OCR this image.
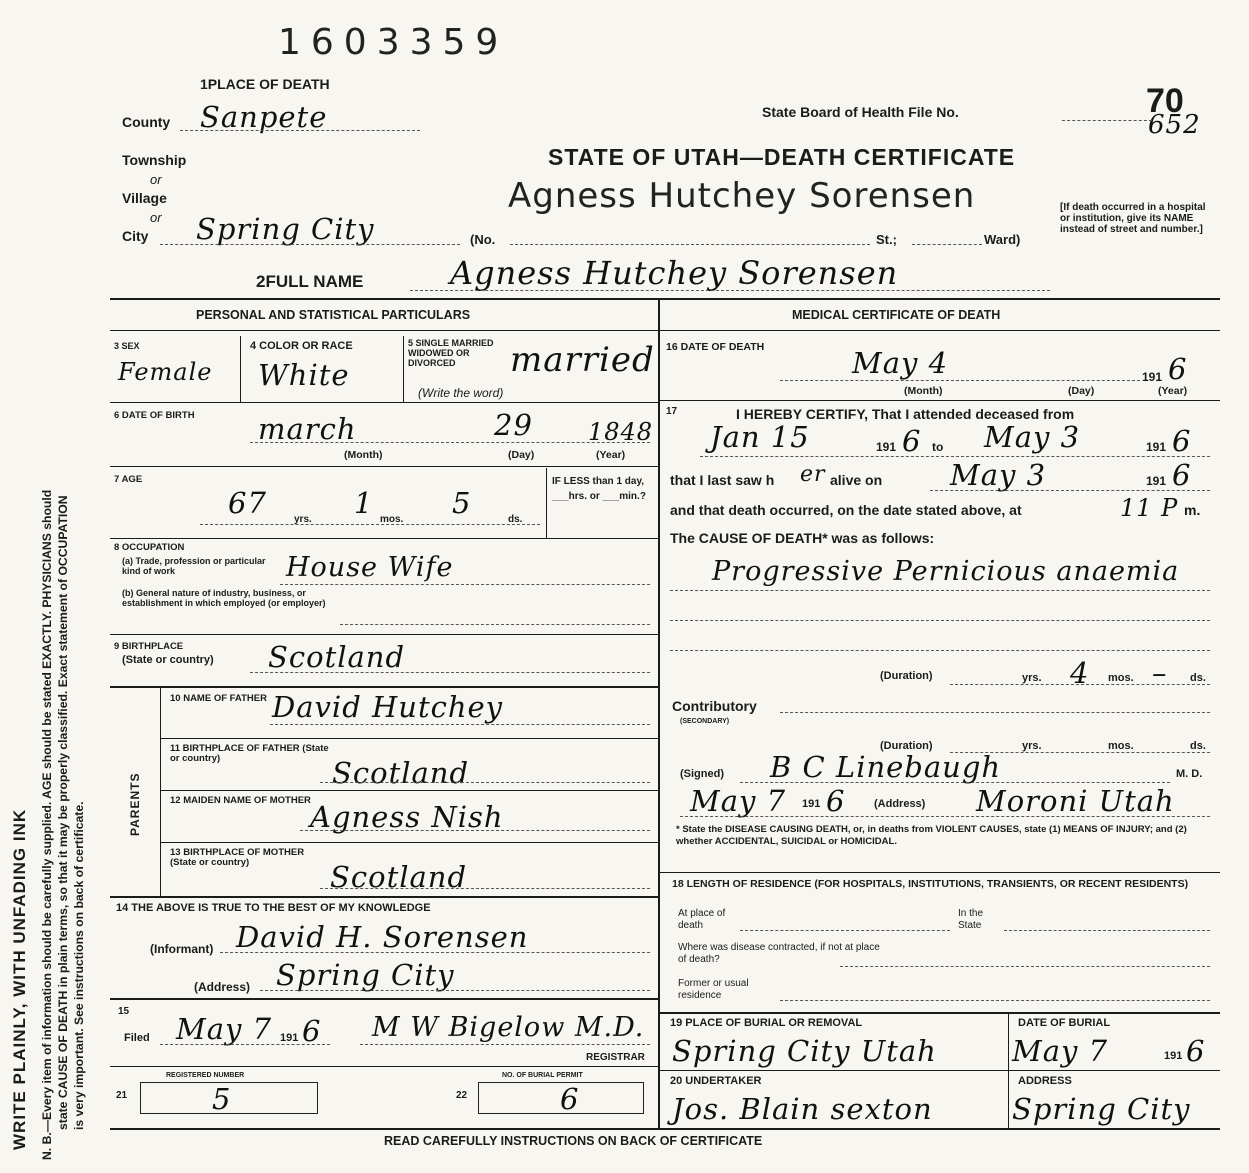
WRITE PLAINLY, WITH UNFADING INK N. B.—Every item of information should be carefully supplied. AGE should be stated EXACTLY. PHYSICIANS should state CAUSE OF DEATH in plain terms, so that it may be properly classified. Exact statement of OCCUPATION is very important. See instructions on back of certificate.
1603359
1PLACE OF DEATH
State Board of Health File No.	70
652
County Sanpete
Township
or
Village
or
City Spring City
STATE OF UTAH—DEATH CERTIFICATE
Agness Hutchey Sorensen
(No.	St.;	Ward)
[If death occurred in a hospital or institution, give its NAME instead of street and number.]
2FULL NAME	Agness Hutchey Sorensen
PERSONAL AND STATISTICAL PARTICULARS
3 SEX
Female
4 COLOR OR RACE
White
5 SINGLE MARRIED WIDOWED OR DIVORCED
(Write the word)
married
6 DATE OF BIRTH march	29 1848
(Month)	(Day)	(Year)
7 AGE
67	yrs. 1 mos. 5	ds.
IF LESS than 1 day, ___hrs. or ___min.?
8 OCCUPATION
(a) Trade, profession or particular kind of work	House Wife
(b) General nature of industry, business, or establishment in which employed (or employer)
9 BIRTHPLACE
(State or country) Scotland
PARENTS
10 NAME OF FATHER David Hutchey
11 BIRTHPLACE OF FATHER (State or country)	Scotland
12 MAIDEN NAME OF MOTHER Agness Nish
13 BIRTHPLACE OF MOTHER (State or country)	Scotland
14 THE ABOVE IS TRUE TO THE BEST OF MY KNOWLEDGE
(Informant) David H. Sorensen
(Address) Spring City
15
Filed May 7 191 6 M W Bigelow M.D.
REGISTRAR
REGISTERED NUMBER
21	5
NO. OF BURIAL PERMIT
22	6
MEDICAL CERTIFICATE OF DEATH
16 DATE OF DEATH	May 4	191 6
(Month)	(Day)	(Year)
17	I HEREBY CERTIFY, That I attended deceased from
Jan 15	191 6 to May 3	191 6
that I last saw h er alive on May 3	191 6
and that death occurred, on the date stated above, at	11 P m.
The CAUSE OF DEATH* was as follows:
Progressive Pernicious anaemia
(Duration)	yrs. 4 mos. – ds.
Contributory
(SECONDARY)
(Duration)	yrs.	mos.	ds.
(Signed) B C Linebaugh	M. D.
May 7 191 6	(Address) Moroni Utah
* State the DISEASE CAUSING DEATH, or, in deaths from VIOLENT CAUSES, state (1) MEANS OF INJURY; and (2) whether ACCIDENTAL, SUICIDAL or HOMICIDAL.
18 LENGTH OF RESIDENCE (FOR HOSPITALS, INSTITUTIONS, TRANSIENTS, OR RECENT RESIDENTS)
At place of death
In the State
Where was disease contracted, if not at place of death?
Former or usual residence
19 PLACE OF BURIAL OR REMOVAL
Spring City Utah
DATE OF BURIAL
May 7	191 6
20 UNDERTAKER
Jos. Blain sexton
ADDRESS
Spring City
READ CAREFULLY INSTRUCTIONS ON BACK OF CERTIFICATE
